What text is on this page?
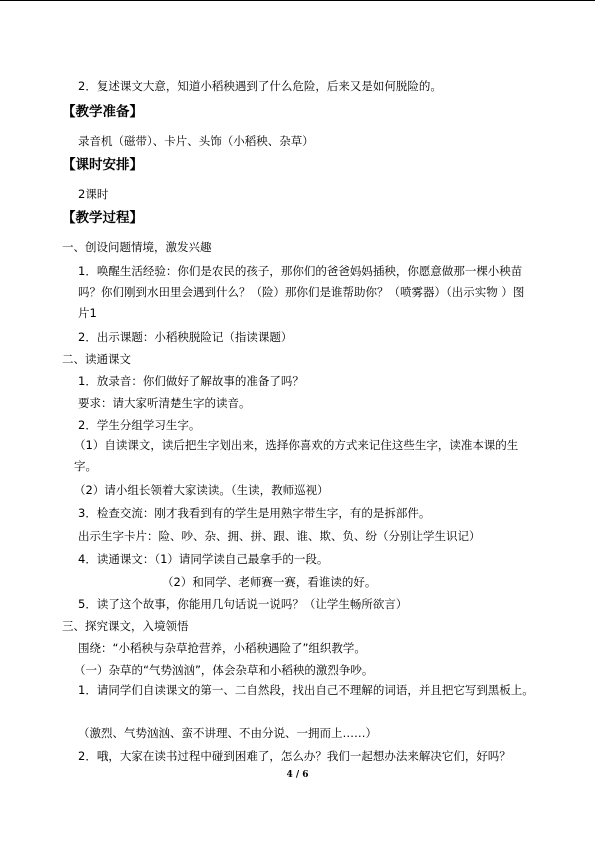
2．复述课文大意，知道小稻秧遇到了什么危险，后来又是如何脱险的。
【教学准备】
录音机（磁带）、卡片、头饰（小稻秧、杂草）
【课时安排】
2课时
【教学过程】
一、创设问题情境，激发兴趣
1．唤醒生活经验：你们是农民的孩子，那你们的爸爸妈妈插秧，你愿意做那一棵小秧苗吗？你们刚到水田里会遇到什么？（险）那你们是谁帮助你？（喷雾器）（出示实物 ）图片1
2．出示课题：小稻秧脱险记（指读课题）
二、读通课文
1．放录音：你们做好了解故事的准备了吗？
要求：请大家听清楚生字的读音。
2．学生分组学习生字。
（1）自读课文，读后把生字划出来，选择你喜欢的方式来记住这些生字，读准本课的生字。
（2）请小组长领着大家读读。（生读，教师巡视）
3．检查交流：刚才我看到有的学生是用熟字带生字，有的是拆部件。
出示生字卡片：险、吵、杂、拥、拼、跟、谁、欺、负、纷（分别让学生识记）
4．读通课文：（1）请同学读自己最拿手的一段。
（2）和同学、老师赛一赛，看谁读的好。
5．读了这个故事，你能用几句话说一说吗？（让学生畅所欲言）
三、探究课文，入境领悟
围绕：“小稻秧与杂草抢营养，小稻秧遇险了”组织教学。
（一）杂草的“气势汹汹”，体会杂草和小稻秧的激烈争吵。
1．请同学们自读课文的第一、二自然段，找出自己不理解的词语，并且把它写到黑板上。
（激烈、气势汹汹、蛮不讲理、不由分说、一拥而上……）
2．哦，大家在读书过程中碰到困难了，怎么办？我们一起想办法来解决它们，好吗？
4 / 6
